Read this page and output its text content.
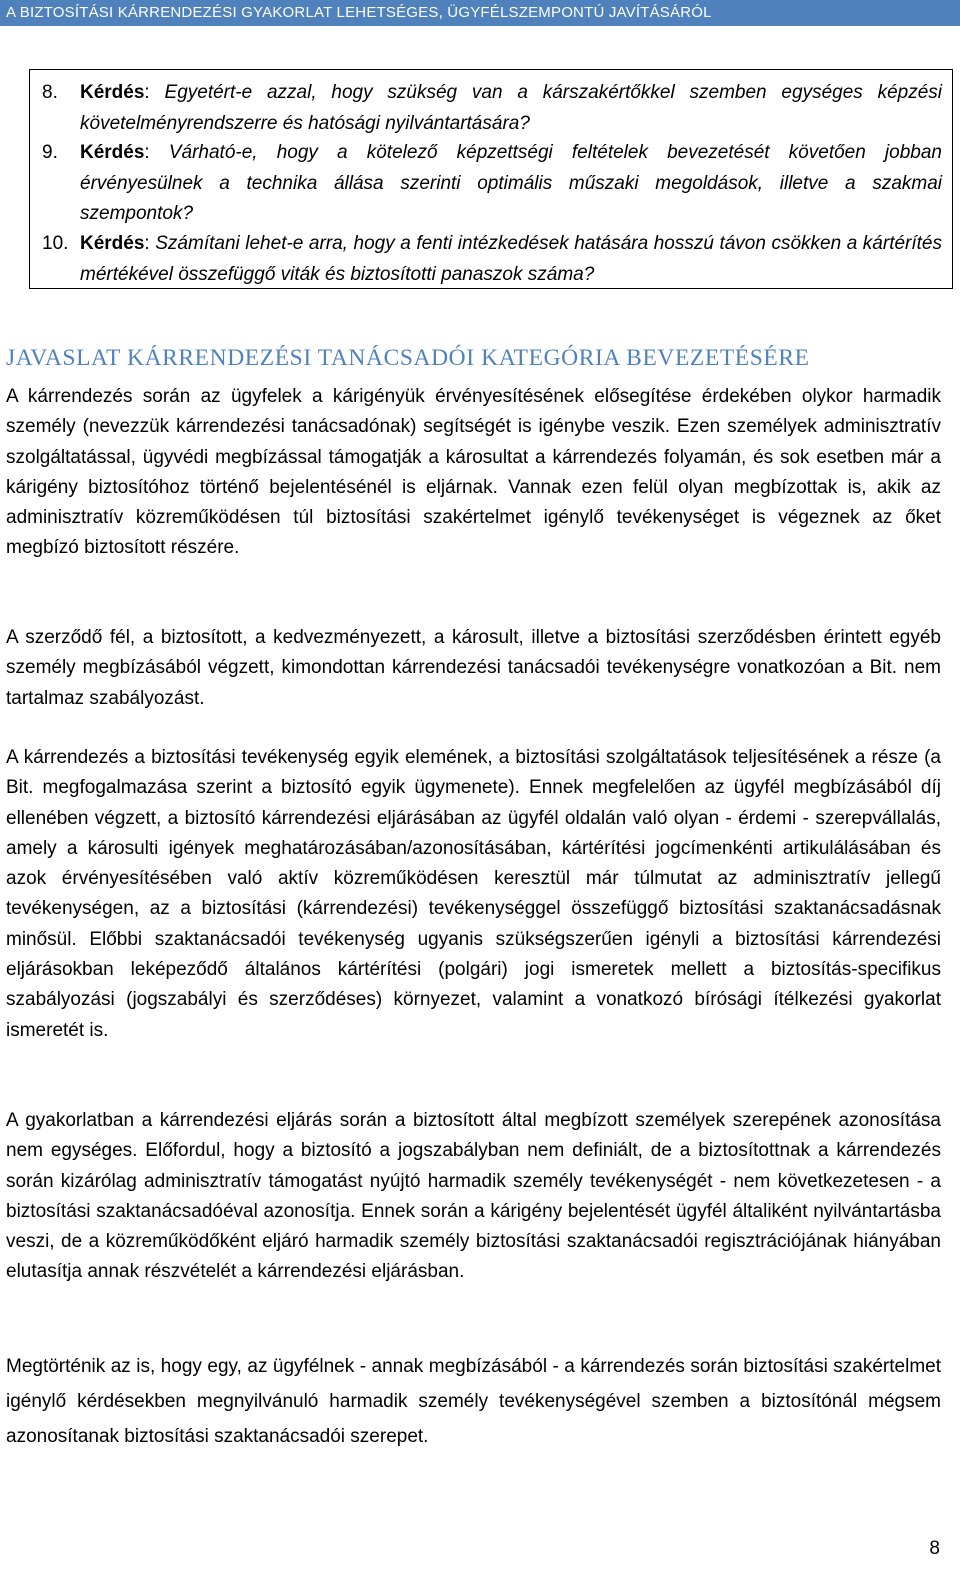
A BIZTOSÍTÁSI KÁRRENDEZÉSI GYAKORLAT LEHETSÉGES, ÜGYFÉLSZEMPONTÚ JAVÍTÁSÁRÓL
8. Kérdés: Egyetért-e azzal, hogy szükség van a kárszakértőkkel szemben egységes képzési követelményrendszerre és hatósági nyilvántartására?
9. Kérdés: Várható-e, hogy a kötelező képzettségi feltételek bevezetését követően jobban érvényesülnek a technika állása szerinti optimális műszaki megoldások, illetve a szakmai szempontok?
10. Kérdés: Számítani lehet-e arra, hogy a fenti intézkedések hatására hosszú távon csökken a kártérítés mértékével összefüggő viták és biztosítotti panaszok száma?
JAVASLAT KÁRRENDEZÉSI TANÁCSADÓI KATEGÓRIA BEVEZETÉSÉRE

A kárrendezés során az ügyfelek a kárigényük érvényesítésének elősegítése érdekében olykor harmadik személy (nevezzük kárrendezési tanácsadónak) segítségét is igénybe veszik. Ezen személyek adminisztratív szolgáltatással, ügyvédi megbízással támogatják a károsultat a kárrendezés folyamán, és sok esetben már a kárigény biztosítóhoz történő bejelentésénél is eljárnak. Vannak ezen felül olyan megbízottak is, akik az adminisztratív közreműködésen túl biztosítási szakértelmet igénylő tevékenységet is végeznek az őket megbízó biztosított részére.

A szerződő fél, a biztosított, a kedvezményezett, a károsult, illetve a biztosítási szerződésben érintett egyéb személy megbízásából végzett, kimondottan kárrendezési tanácsadói tevékenységre vonatkozóan a Bit. nem tartalmaz szabályozást.

A kárrendezés a biztosítási tevékenység egyik elemének, a biztosítási szolgáltatások teljesítésének a része (a Bit. megfogalmazása szerint a biztosító egyik ügymenete). Ennek megfelelően az ügyfél megbízásából díj ellenében végzett, a biztosító kárrendezési eljárásában az ügyfél oldalán való olyan - érdemi - szerepvállalás, amely a károsulti igények meghatározásában/azonosításában, kártérítési jogcímenkénti artikulálásában és azok érvényesítésében való aktív közreműködésen keresztül már túlmutat az adminisztratív jellegű tevékenységen, az a biztosítási (kárrendezési) tevékenységgel összefüggő biztosítási szaktanácsadásnak minősül. Előbbi szaktanácsadói tevékenység ugyanis szükségszerűen igényli a biztosítási kárrendezési eljárásokban leképeződő általános kártérítési (polgári) jogi ismeretek mellett a biztosítás-specifikus szabályozási (jogszabályi és szerződéses) környezet, valamint a vonatkozó bírósági ítélkezési gyakorlat ismeretét is.

A gyakorlatban a kárrendezési eljárás során a biztosított által megbízott személyek szerepének azonosítása nem egységes. Előfordul, hogy a biztosító a jogszabályban nem definiált, de a biztosítottnak a kárrendezés során kizárólag adminisztratív támogatást nyújtó harmadik személy tevékenységét - nem következetesen - a biztosítási szaktanácsadóéval azonosítja. Ennek során a kárigény bejelentését ügyfél általiként nyilvántartásba veszi, de a közreműködőként eljáró harmadik személy biztosítási szaktanácsadói regisztrációjának hiányában elutasítja annak részvételét a kárrendezési eljárásban.

Megtörténik az is, hogy egy, az ügyfélnek - annak megbízásából - a kárrendezés során biztosítási szakértelmet igénylő kérdésekben megnyilvánuló harmadik személy tevékenységével szemben a biztosítónál mégsem azonosítanak biztosítási szaktanácsadói szerepet.

8
